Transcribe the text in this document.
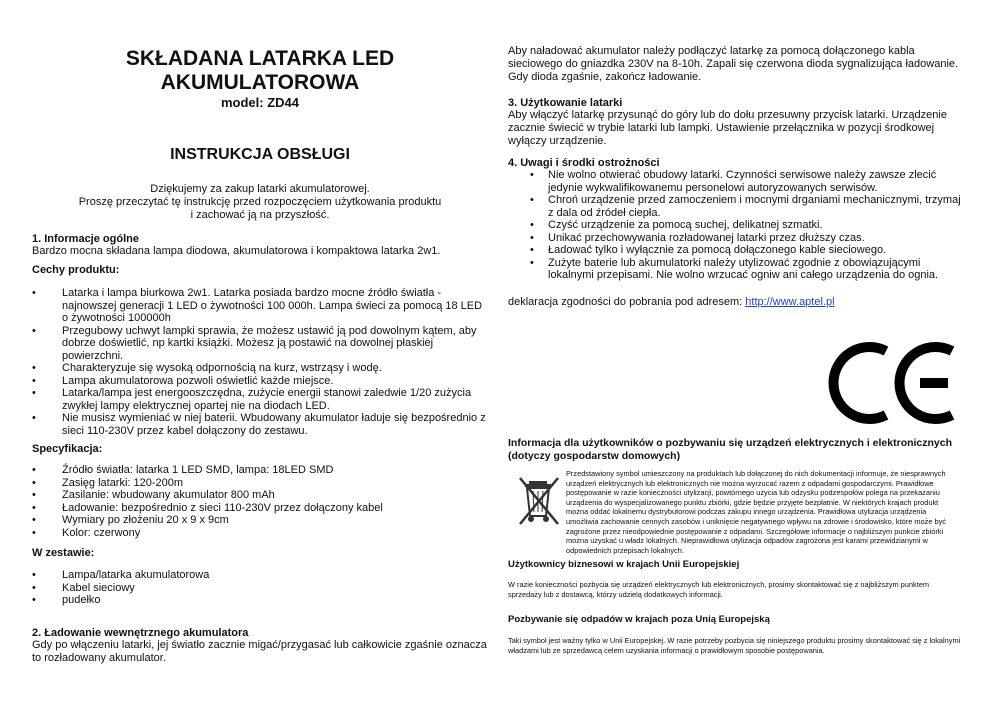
SKŁADANA LATARKA LED
AKUMULATOROWA
model: ZD44
INSTRUKCJA OBSŁUGI
Dziękujemy za zakup latarki akumulatorowej.
Proszę przeczytać tę instrukcję przed rozpoczęciem użytkowania produktu
i zachować ją na przyszłość.
1. Informacje ogólne
Bardzo mocna składana lampa diodowa, akumulatorowa i kompaktowa latarka 2w1.
Cechy produktu:
• Latarka i lampa biurkowa 2w1. Latarka posiada bardzo mocne źródło światła -najnowszej generacji 1 LED o żywotności 100 000h. Lampa świeci za pomocą 18 LED o żywotności 100000h
• Przegubowy uchwyt lampki sprawia, że możesz ustawić ją pod dowolnym kątem, aby dobrze doświetlić, np kartki książki. Możesz ją postawić na dowolnej płaskiej powierzchni.
• Charakteryzuje się wysoką odpornością na kurz, wstrząsy i wodę.
• Lampa akumulatorowa pozwoli oświetlić każde miejsce.
• Latarka/lampa jest energooszczędna, zużycie energii stanowi zaledwie 1/20 zużycia zwykłej lampy elektrycznej opartej nie na diodach LED.
• Nie musisz wymieniać w niej baterii. Wbudowany akumulator ładuje się bezpośrednio z sieci 110-230V przez kabel dołączony do zestawu.
Specyfikacja:
• Źródło światła: latarka 1 LED SMD, lampa: 18LED SMD
• Zasięg latarki: 120-200m
• Zasilanie: wbudowany akumulator 800 mAh
• Ładowanie: bezpośrednio z sieci 110-230V przez dołączony kabel
• Wymiary po złożeniu 20 x 9 x 9cm
• Kolor: czerwony
W zestawie:
• Lampa/latarka akumulatorowa
• Kabel sieciowy
• pudełko
2. Ładowanie wewnętrznego akumulatora
Gdy po włączeniu latarki, jej światło zacznie migać/przygasać lub całkowicie zgaśnie oznacza to rozładowany akumulator.
Aby naładować akumulator należy podłączyć latarkę za pomocą dołączonego kabla sieciowego do gniazdka 230V na 8-10h. Zapali się czerwona dioda sygnalizująca ładowanie. Gdy dioda zgaśnie, zakończ ładowanie.
3. Użytkowanie latarki
Aby włączyć latarkę przysunąć do góry lub do dołu przesuwny przycisk latarki. Urządzenie zacznie świecić w trybie latarki lub lampki. Ustawienie przełącznika w pozycji środkowej wyłączy urządzenie.
4. Uwagi i środki ostrożności
• Nie wolno otwierać obudowy latarki. Czynności serwisowe należy zawsze zlecić jedynie wykwalifikowanemu personelowi autoryzowanych serwisów.
• Chroń urządzenie przed zamoczeniem i mocnymi drganiami mechanicznymi, trzymaj z dala od źródeł ciepła.
• Czyść urządzenie za pomocą suchej, delikatnej szmatki.
• Unikać przechowywania rozładowanej latarki przez dłuższy czas.
• Ładować tylko i wyłącznie za pomocą dołączonego kable sieciowego.
• Zużyte baterie lub akumulatorki należy utylizować zgodnie z obowiązującymi lokalnymi przepisami. Nie wolno wrzucać ogniw ani całego urządzenia do ognia.
deklaracja zgodności do pobrania pod adresem: http://www.aptel.pl
Informacja dla użytkowników o pozbywaniu się urządzeń elektrycznych i elektronicznych (dotyczy gospodarstw domowych)
Przedstawiony symbol umieszczony na produktach lub dołączonej do nich dokumentacji informuje, że niesprawnych urządzeń elektrycznych lub elektronicznych nie można wyrzucać razem z odpadami gospodarczymi. Prawidłowe postępowanie w razie konieczności utylizacji, powtórnego użycia lub odzysku podzespołów polega na przekazaniu urządzenia do wyspecjalizowanego punktu zbiórki, gdzie będzie przyjęte bezpłatnie. W niektórych krajach produkt można oddać lokalnemu dystrybutorowi podczas zakupu innego urządzenia. Prawidłowa utylizacja urządzenia umożliwia zachowanie cennych zasobów i uniknięcie negatywnego wpływu na zdrowie i środowisko, które może być zagrożone przez nieodpowiednie postępowanie z odpadami. Szczegółowe informacje o najbliższym punkcie zbiórki można uzyskać u władz lokalnych. Nieprawidłowa utylizacja odpadów zagrożona jest karami przewidzianymi w odpowiednich przepisach lokalnych.
Użytkownicy biznesowi w krajach Unii Europejskiej
W razie konieczności pozbycia się urządzeń elektrycznych lub elektronicznych, prosimy skontaktować się z najbliższym punktem sprzedaży lub z dostawcą, którzy udzielą dodatkowych informacji.
Pozbywanie się odpadów w krajach poza Unią Europejską
Taki symbol jest ważny tylko w Unii Europejskej. W razie potrzeby pozbycia się niniejszego produktu prosimy skontaktować się z lokalnymi władzami lub ze sprzedawcą celem uzyskania informacji o prawidłowym sposobie postępowania.
